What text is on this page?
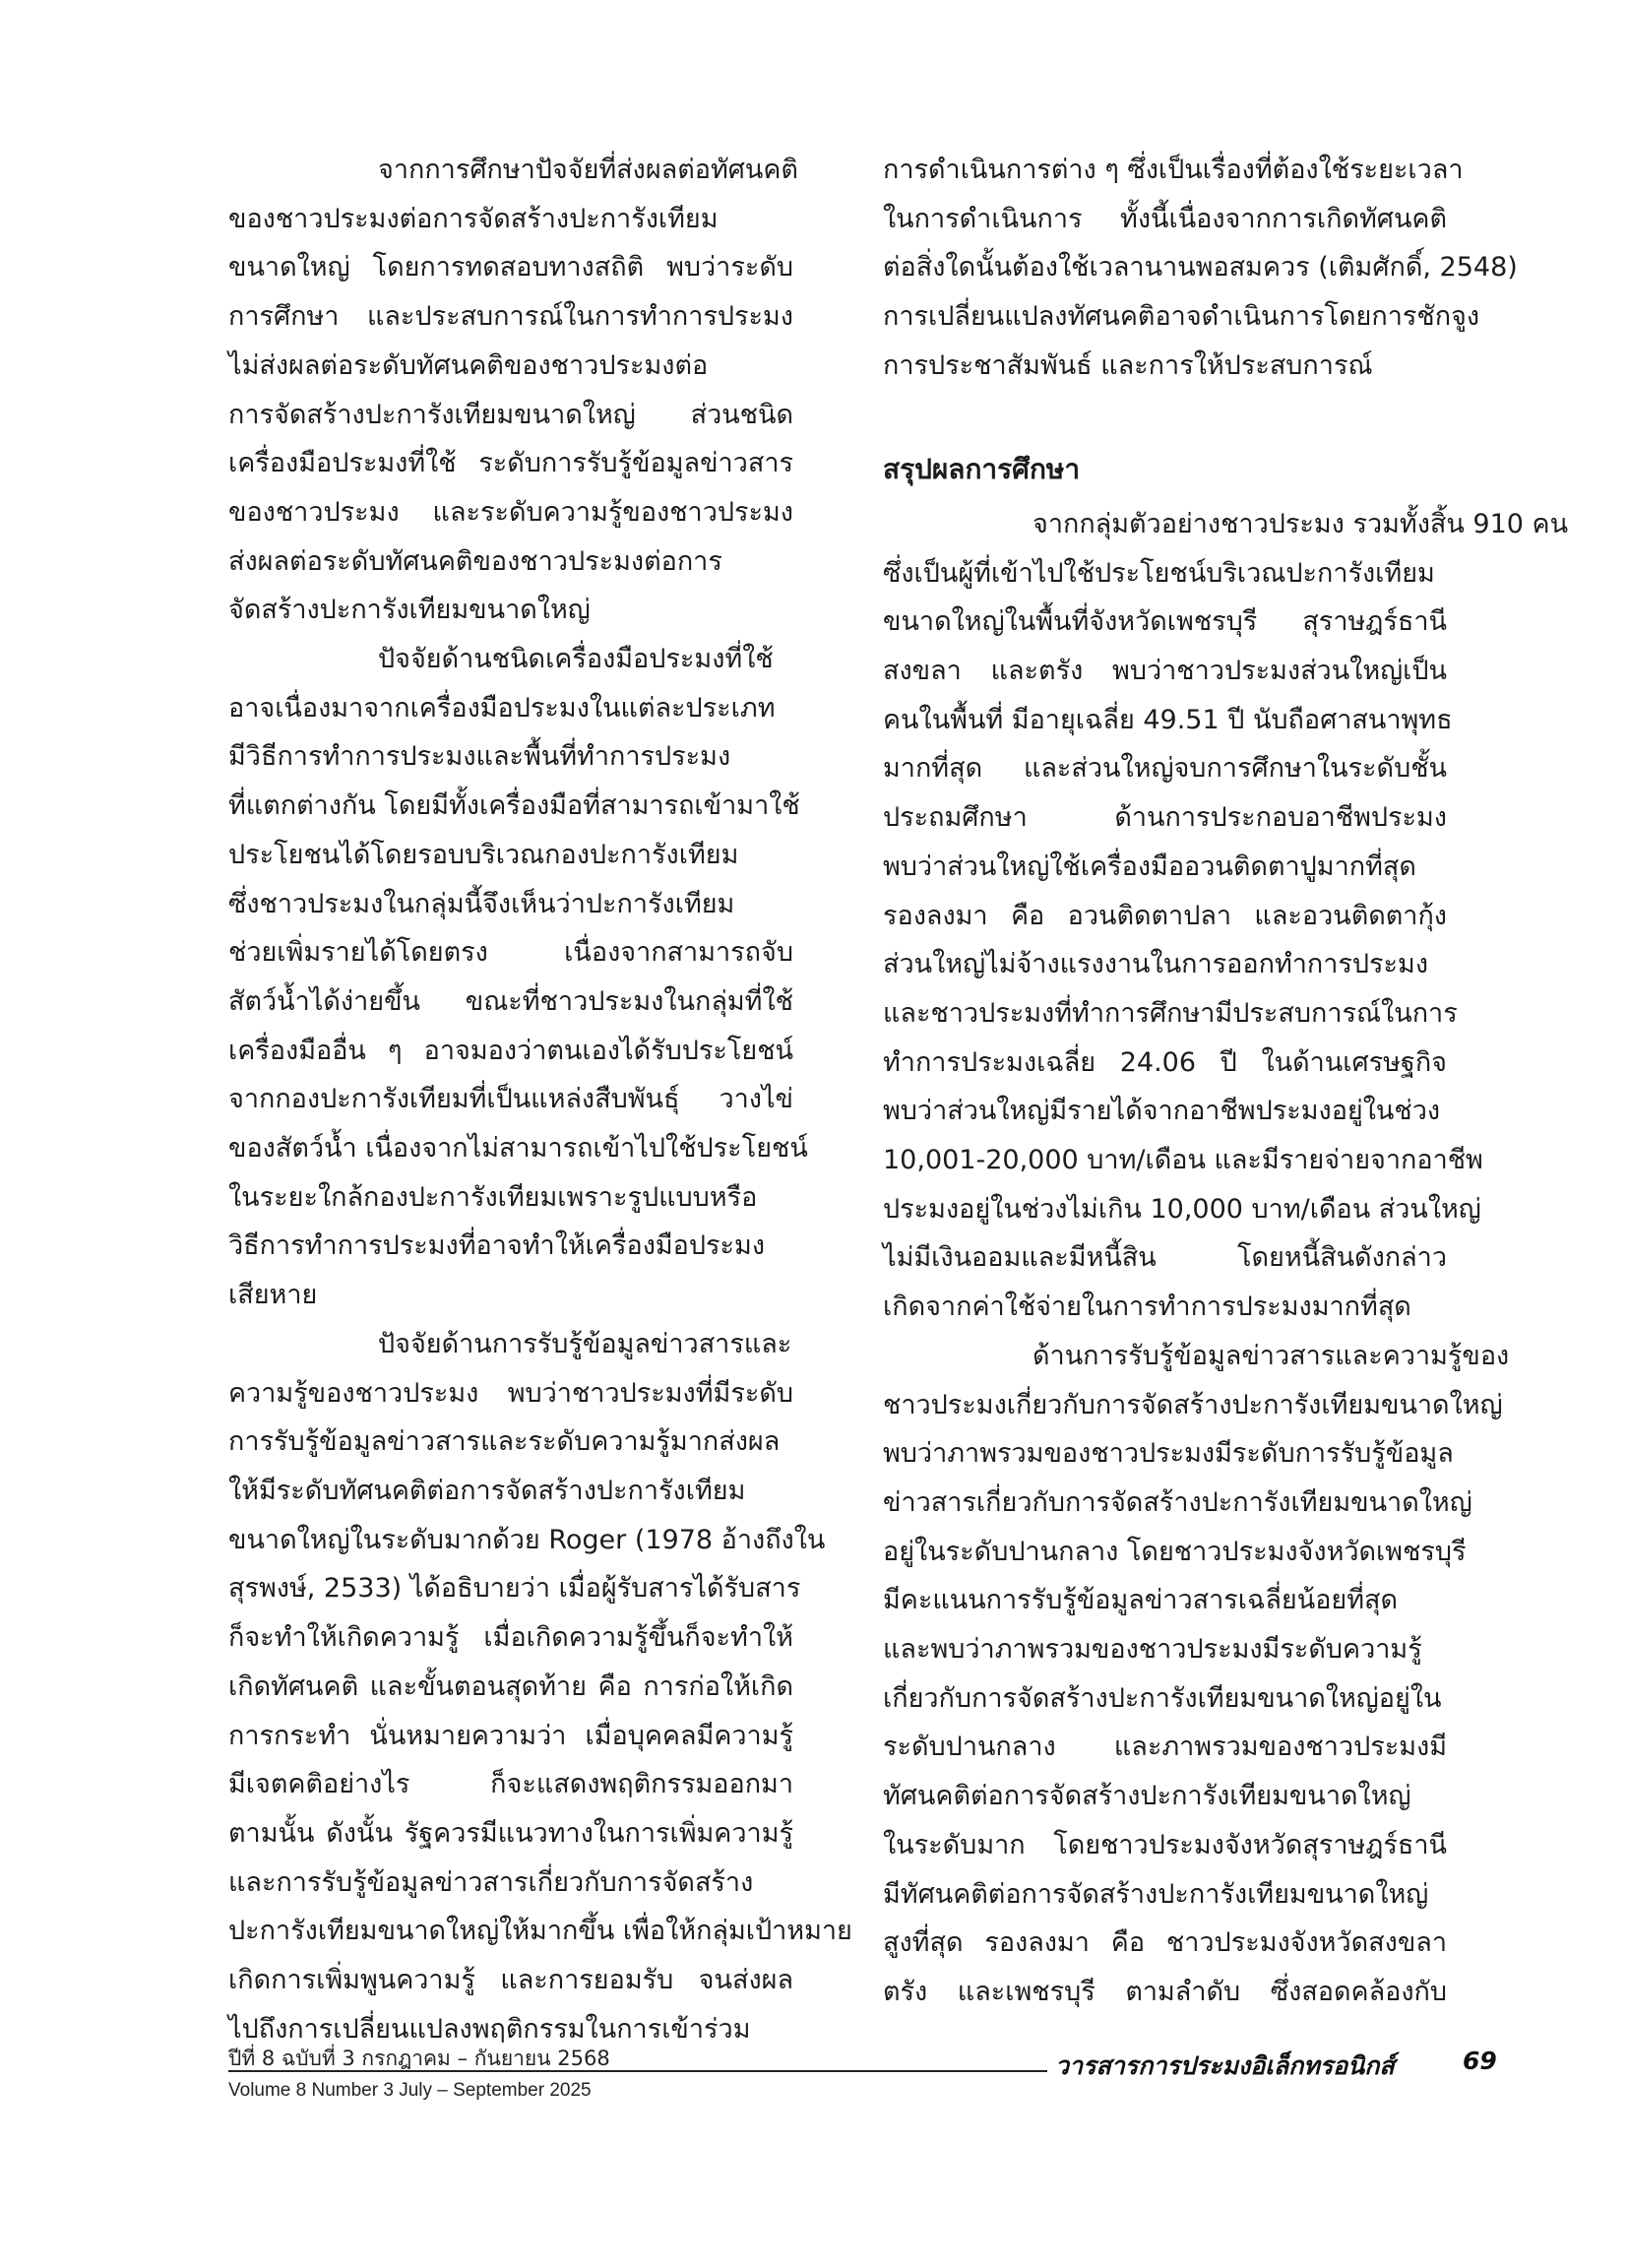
จากการศึกษาปัจจัยที่ส่งผลต่อทัศนคติ
ของชาวประมงต่อการจัดสร้างปะการังเทียม
ขนาดใหญ่ โดยการทดสอบทางสถิติ พบว่าระดับ
การศึกษา และประสบการณ์ในการทำการประมง
ไม่ส่งผลต่อระดับทัศนคติของชาวประมงต่อ
การจัดสร้างปะการังเทียมขนาดใหญ่ ส่วนชนิด
เครื่องมือประมงที่ใช้ ระดับการรับรู้ข้อมูลข่าวสาร
ของชาวประมง และระดับความรู้ของชาวประมง
ส่งผลต่อระดับทัศนคติของชาวประมงต่อการ
จัดสร้างปะการังเทียมขนาดใหญ่
ปัจจัยด้านชนิดเครื่องมือประมงที่ใช้
อาจเนื่องมาจากเครื่องมือประมงในแต่ละประเภท
มีวิธีการทำการประมงและพื้นที่ทำการประมง
ที่แตกต่างกัน โดยมีทั้งเครื่องมือที่สามารถเข้ามาใช้
ประโยชนได้โดยรอบบริเวณกองปะการังเทียม
ซึ่งชาวประมงในกลุ่มนี้จึงเห็นว่าปะการังเทียม
ช่วยเพิ่มรายได้โดยตรง เนื่องจากสามารถจับ
สัตว์น้ำได้ง่ายขึ้น ขณะที่ชาวประมงในกลุ่มที่ใช้
เครื่องมืออื่น ๆ อาจมองว่าตนเองได้รับประโยชน์
จากกองปะการังเทียมที่เป็นแหล่งสืบพันธุ์ วางไข่
ของสัตว์น้ำ เนื่องจากไม่สามารถเข้าไปใช้ประโยชน์
ในระยะใกล้กองปะการังเทียมเพราะรูปแบบหรือ
วิธีการทำการประมงที่อาจทำให้เครื่องมือประมง
เสียหาย
ปัจจัยด้านการรับรู้ข้อมูลข่าวสารและ
ความรู้ของชาวประมง พบว่าชาวประมงที่มีระดับ
การรับรู้ข้อมูลข่าวสารและระดับความรู้มากส่งผล
ให้มีระดับทัศนคติต่อการจัดสร้างปะการังเทียม
ขนาดใหญ่ในระดับมากด้วย Roger (1978 อ้างถึงใน
สุรพงษ์, 2533) ได้อธิบายว่า เมื่อผู้รับสารได้รับสาร
ก็จะทำให้เกิดความรู้ เมื่อเกิดความรู้ขึ้นก็จะทำให้
เกิดทัศนคติ และขั้นตอนสุดท้าย คือ การก่อให้เกิด
การกระทำ นั่นหมายความว่า เมื่อบุคคลมีความรู้
มีเจตคติอย่างไร ก็จะแสดงพฤติกรรมออกมา
ตามนั้น ดังนั้น รัฐควรมีแนวทางในการเพิ่มความรู้
และการรับรู้ข้อมูลข่าวสารเกี่ยวกับการจัดสร้าง
ปะการังเทียมขนาดใหญ่ให้มากขึ้น เพื่อให้กลุ่มเป้าหมาย
เกิดการเพิ่มพูนความรู้ และการยอมรับ จนส่งผล
ไปถึงการเปลี่ยนแปลงพฤติกรรมในการเข้าร่วม
การดำเนินการต่าง ๆ ซึ่งเป็นเรื่องที่ต้องใช้ระยะเวลา
ในการดำเนินการ ทั้งนี้เนื่องจากการเกิดทัศนคติ
ต่อสิ่งใดนั้นต้องใช้เวลานานพอสมควร (เติมศักดิ์, 2548)
การเปลี่ยนแปลงทัศนคติอาจดำเนินการโดยการชักจูง
การประชาสัมพันธ์ และการให้ประสบการณ์
สรุปผลการศึกษา
จากกลุ่มตัวอย่างชาวประมง รวมทั้งสิ้น 910 คน
ซึ่งเป็นผู้ที่เข้าไปใช้ประโยชน์บริเวณปะการังเทียม
ขนาดใหญ่ในพื้นที่จังหวัดเพชรบุรี สุราษฎร์ธานี
สงขลา และตรัง พบว่าชาวประมงส่วนใหญ่เป็น
คนในพื้นที่ มีอายุเฉลี่ย 49.51 ปี นับถือศาสนาพุทธ
มากที่สุด และส่วนใหญ่จบการศึกษาในระดับชั้น
ประถมศึกษา ด้านการประกอบอาชีพประมง
พบว่าส่วนใหญ่ใช้เครื่องมืออวนติดตาปูมากที่สุด
รองลงมา คือ อวนติดตาปลา และอวนติดตากุ้ง
ส่วนใหญ่ไม่จ้างแรงงานในการออกทำการประมง
และชาวประมงที่ทำการศึกษามีประสบการณ์ในการ
ทำการประมงเฉลี่ย 24.06 ปี ในด้านเศรษฐกิจ
พบว่าส่วนใหญ่มีรายได้จากอาชีพประมงอยู่ในช่วง
10,001-20,000 บาท/เดือน และมีรายจ่ายจากอาชีพ
ประมงอยู่ในช่วงไม่เกิน 10,000 บาท/เดือน ส่วนใหญ่
ไม่มีเงินออมและมีหนี้สิน โดยหนี้สินดังกล่าว
เกิดจากค่าใช้จ่ายในการทำการประมงมากที่สุด
ด้านการรับรู้ข้อมูลข่าวสารและความรู้ของ
ชาวประมงเกี่ยวกับการจัดสร้างปะการังเทียมขนาดใหญ่
พบว่าภาพรวมของชาวประมงมีระดับการรับรู้ข้อมูล
ข่าวสารเกี่ยวกับการจัดสร้างปะการังเทียมขนาดใหญ่
อยู่ในระดับปานกลาง โดยชาวประมงจังหวัดเพชรบุรี
มีคะแนนการรับรู้ข้อมูลข่าวสารเฉลี่ยน้อยที่สุด
และพบว่าภาพรวมของชาวประมงมีระดับความรู้
เกี่ยวกับการจัดสร้างปะการังเทียมขนาดใหญ่อยู่ใน
ระดับปานกลาง และภาพรวมของชาวประมงมี
ทัศนคติต่อการจัดสร้างปะการังเทียมขนาดใหญ่
ในระดับมาก โดยชาวประมงจังหวัดสุราษฎร์ธานี
มีทัศนคติต่อการจัดสร้างปะการังเทียมขนาดใหญ่
สูงที่สุด รองลงมา คือ ชาวประมงจังหวัดสงขลา
ตรัง และเพชรบุรี ตามลำดับ ซึ่งสอดคล้องกับ
ปีที่ 8 ฉบับที่ 3 กรกฎาคม – กันยายน 2568
Volume 8 Number 3 July – September 2025
วารสารการประมงอิเล็กทรอนิกส์	69
